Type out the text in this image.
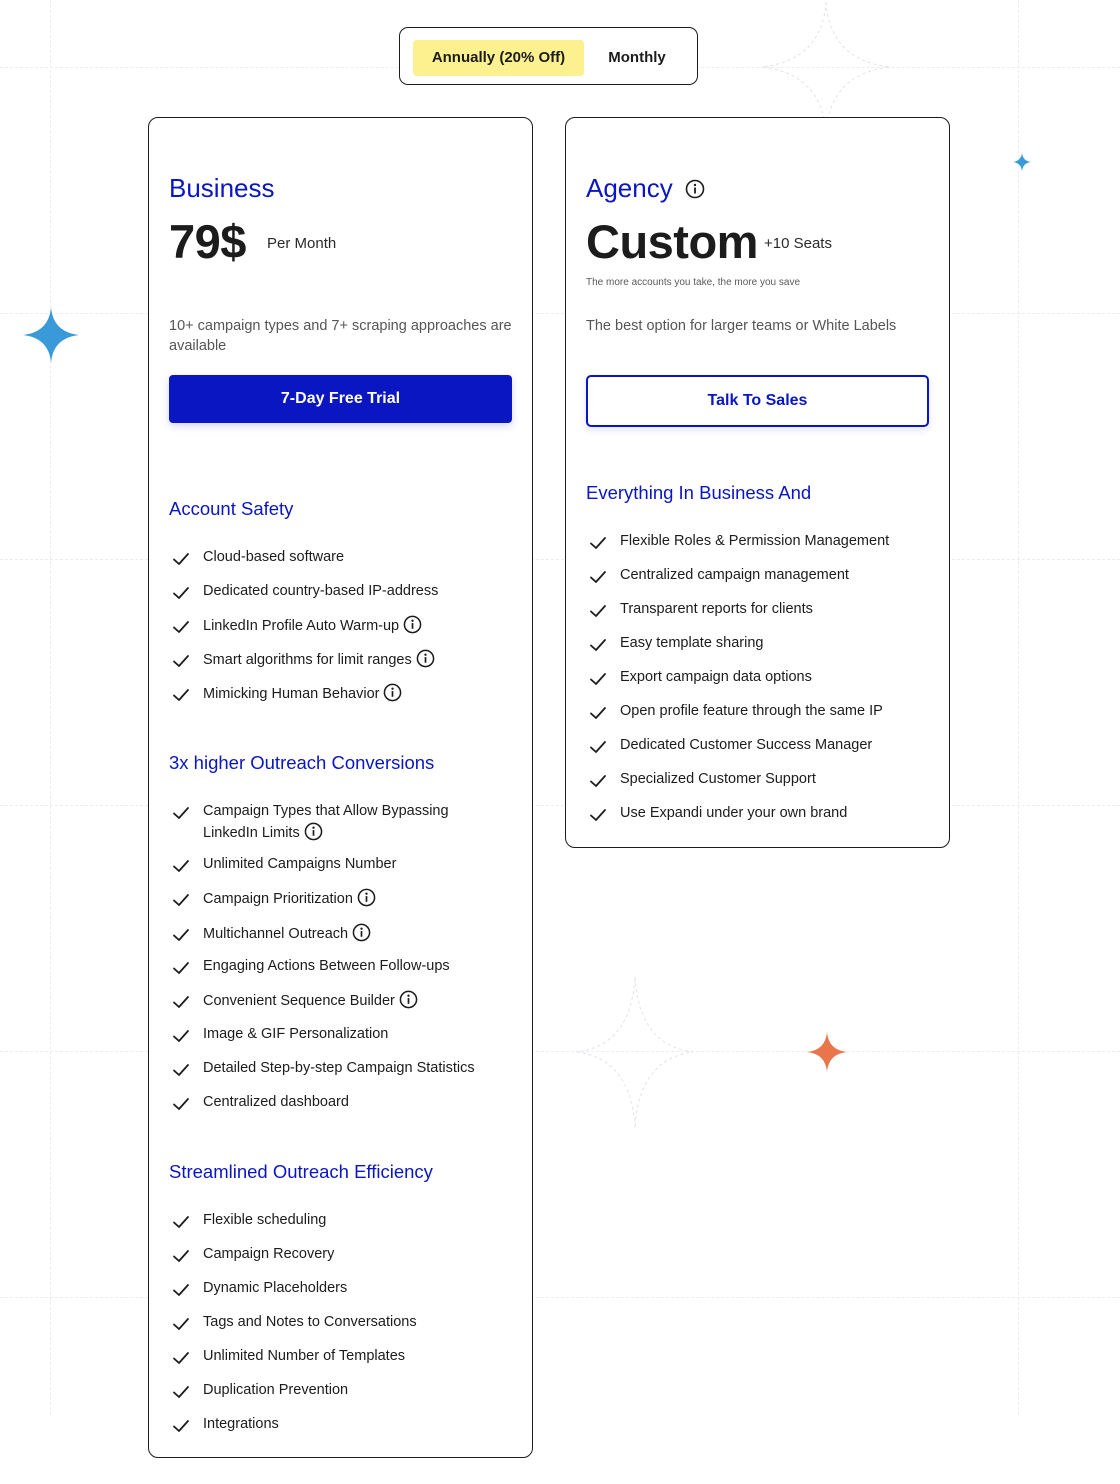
Annually (20% Off)	Monthly
Business
79$ Per Month
10+ campaign types and 7+ scraping approaches are available
7-Day Free Trial
Account Safety
Cloud-based software
Dedicated country-based IP-address
LinkedIn Profile Auto Warm-up
Smart algorithms for limit ranges
Mimicking Human Behavior
3x higher Outreach Conversions
Campaign Types that Allow Bypassing LinkedIn Limits
Unlimited Campaigns Number
Campaign Prioritization
Multichannel Outreach
Engaging Actions Between Follow-ups
Convenient Sequence Builder
Image & GIF Personalization
Detailed Step-by-step Campaign Statistics
Centralized dashboard
Streamlined Outreach Efficiency
Flexible scheduling
Campaign Recovery
Dynamic Placeholders
Tags and Notes to Conversations
Unlimited Number of Templates
Duplication Prevention
Integrations
Agency
Custom +10 Seats
The more accounts you take, the more you save
The best option for larger teams or White Labels
Talk To Sales
Everything In Business And
Flexible Roles & Permission Management
Centralized campaign management
Transparent reports for clients
Easy template sharing
Export campaign data options
Open profile feature through the same IP
Dedicated Customer Success Manager
Specialized Customer Support
Use Expandi under your own brand
